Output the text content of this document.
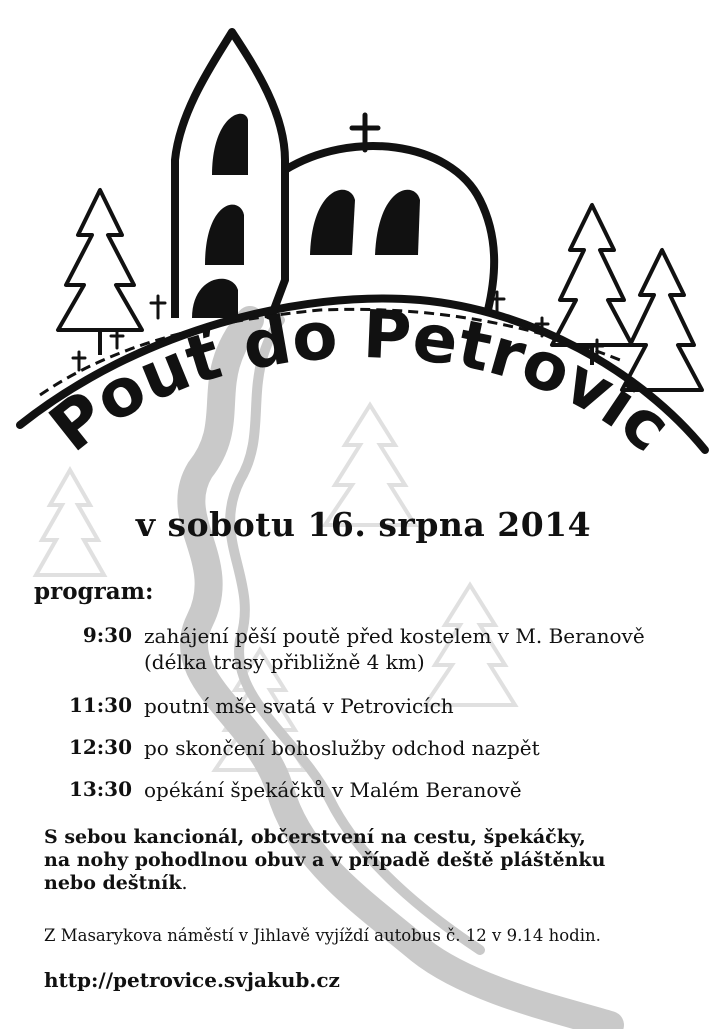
Pouť do Petrovic
v sobotu 16. srpna 2014
program:
9:30 zahájení pěší poutě před kostelem v M. Beranově
(délka trasy přibližně 4 km)
11:30 poutní mše svatá v Petrovicích
12:30 po skončení bohoslužby odchod nazpět
13:30 opékání špekáčků v Malém Beranově
S sebou kancionál, občerstvení na cestu, špekáčky,
na nohy pohodlnou obuv a v případě deště pláštěnku
nebo deštník.
Z Masarykova náměstí v Jihlavě vyjíždí autobus č. 12 v 9.14 hodin.
http://petrovice.svjakub.cz
